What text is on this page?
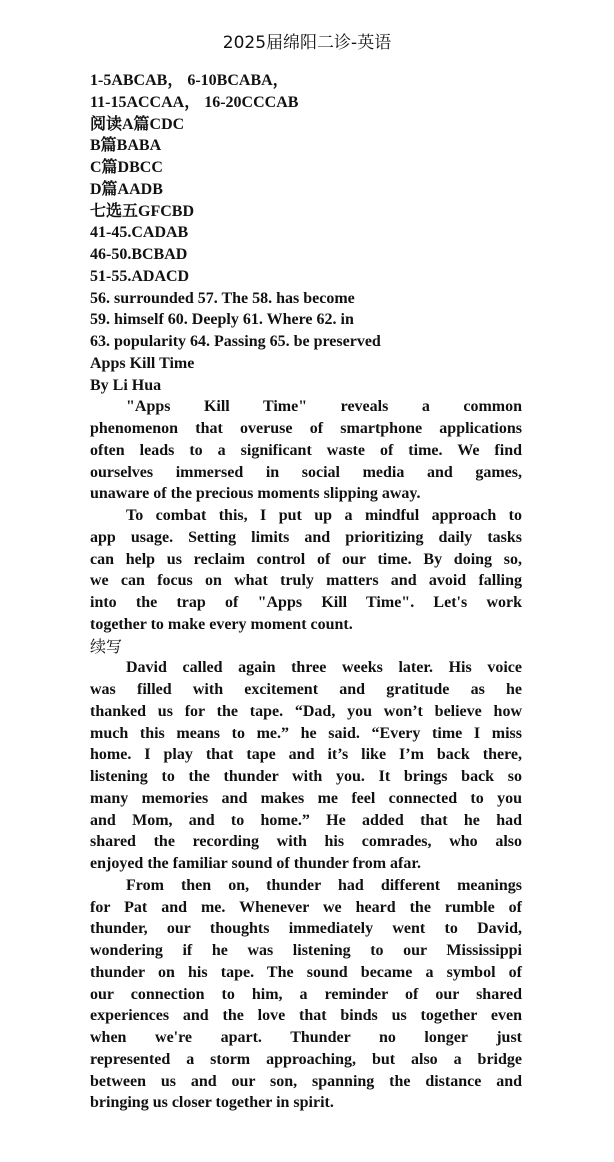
2025届绵阳二诊-英语
1-5ABCAB， 6-10BCABA，
11-15ACCAA， 16-20CCCAB
阅读A篇CDC
B篇BABA
C篇DBCC
D篇AADB
七选五GFCBD
41-45.CADAB
46-50.BCBAD
51-55.ADACD
56. surrounded 57. The 58. has become
59. himself 60. Deeply 61. Where 62. in
63. popularity 64. Passing 65. be preserved
Apps Kill Time
By Li Hua
"Apps Kill Time" reveals a common
phenomenon that overuse of smartphone applications
often leads to a significant waste of time. We find
ourselves immersed in social media and games,
unaware of the precious moments slipping away.
To combat this, I put up a mindful approach to
app usage. Setting limits and prioritizing daily tasks
can help us reclaim control of our time. By doing so,
we can focus on what truly matters and avoid falling
into the trap of "Apps Kill Time". Let's work
together to make every moment count.
续写
David called again three weeks later. His voice
was filled with excitement and gratitude as he
thanked us for the tape. “Dad, you won’t believe how
much this means to me.” he said. “Every time I miss
home. I play that tape and it’s like I’m back there,
listening to the thunder with you. It brings back so
many memories and makes me feel connected to you
and Mom, and to home.” He added that he had
shared the recording with his comrades, who also
enjoyed the familiar sound of thunder from afar.
From then on, thunder had different meanings
for Pat and me. Whenever we heard the rumble of
thunder, our thoughts immediately went to David,
wondering if he was listening to our Mississippi
thunder on his tape. The sound became a symbol of
our connection to him, a reminder of our shared
experiences and the love that binds us together even
when we're apart. Thunder no longer just
represented a storm approaching, but also a bridge
between us and our son, spanning the distance and
bringing us closer together in spirit.
